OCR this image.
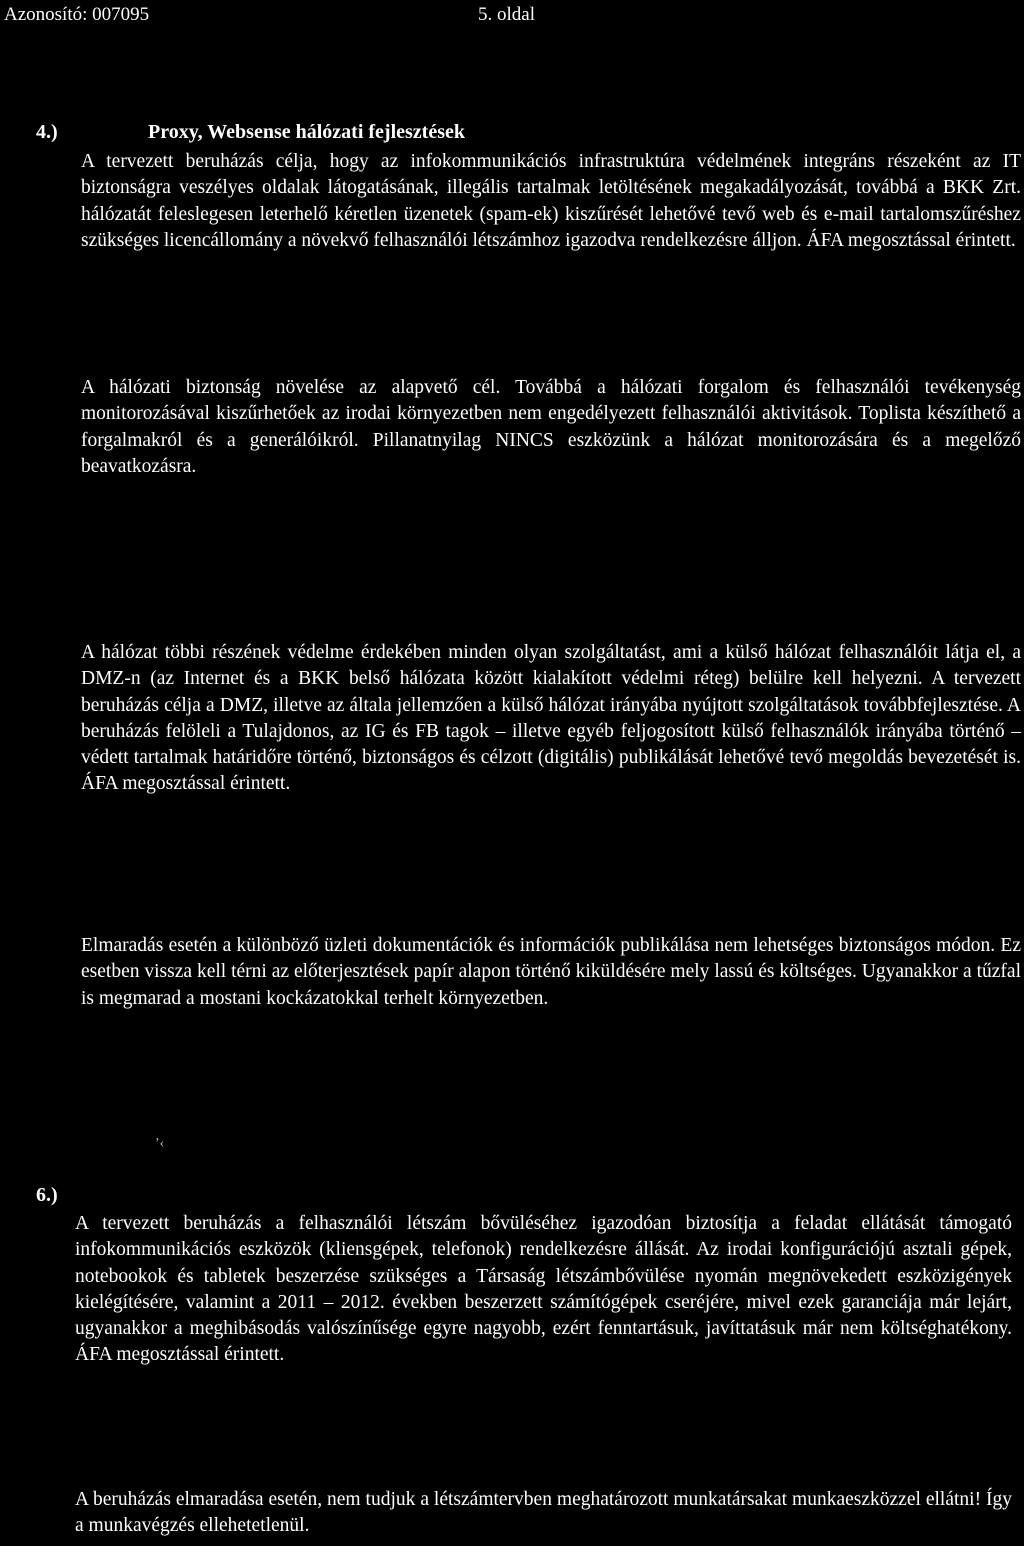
Azonosító: 007095	5. oldal
4.)	Proxy, Websense hálózati fejlesztések

A tervezett beruházás célja, hogy az infokommunikációs infrastruktúra védelmének integráns részeként az IT biztonságra veszélyes oldalak látogatásának, illegális tartalmak letöltésének megakadályozását, továbbá a BKK Zrt. hálózatát feleslegesen leterhelő kéretlen üzenetek (spam-ek) kiszűrését lehetővé tevő web és e-mail tartalomszűréshez szükséges licencállomány a növekvő felhasználói létszámhoz igazodva rendelkezésre álljon. ÁFA megosztással érintett.

A hálózati biztonság növelése az alapvető cél. Továbbá a hálózati forgalom és felhasználói tevékenység monitorozásával kiszűrhetőek az irodai környezetben nem engedélyezett felhasználói aktivitások. Toplista készíthető a forgalmakról és a generálóikról. Pillanatnyilag NINCS eszközünk a hálózat monitorozására és a megelőző beavatkozásra.

A hálózat többi részének védelme érdekében minden olyan szolgáltatást, ami a külső hálózat felhasználóit látja el, a DMZ-n (az Internet és a BKK belső hálózata között kialakított védelmi réteg) belülre kell helyezni. A tervezett beruházás célja a DMZ, illetve az általa jellemzően a külső hálózat irányába nyújtott szolgáltatások továbbfejlesztése. A beruházás felöleli a Tulajdonos, az IG és FB tagok – illetve egyéb feljogosított külső felhasználók irányába történő – védett tartalmak határidőre történő, biztonságos és célzott (digitális) publikálását lehetővé tevő megoldás bevezetését is. ÁFA megosztással érintett.

Elmaradás esetén a különböző üzleti dokumentációk és információk publikálása nem lehetséges biztonságos módon. Ez esetben vissza kell térni az előterjesztések papír alapon történő kiküldésére mely lassú és költséges. Ugyanakkor a tűzfal is megmarad a mostani kockázatokkal terhelt környezetben.

’‹
6.)

A tervezett beruházás a felhasználói létszám bővüléséhez igazodóan biztosítja a feladat ellátását támogató infokommunikációs eszközök (kliensgépek, telefonok) rendelkezésre állását. Az irodai konfigurációjú asztali gépek, notebookok és tabletek beszerzése szükséges a Társaság létszámbővülése nyomán megnövekedett eszközigények kielégítésére, valamint a 2011 – 2012. években beszerzett számítógépek cseréjére, mivel ezek garanciája már lejárt, ugyanakkor a meghibásodás valószínűsége egyre nagyobb, ezért fenntartásuk, javíttatásuk már nem költséghatékony. ÁFA megosztással érintett.

A beruházás elmaradása esetén, nem tudjuk a létszámtervben meghatározott munkatársakat munkaeszközzel ellátni! Így a munkavégzés ellehetetlenül.
